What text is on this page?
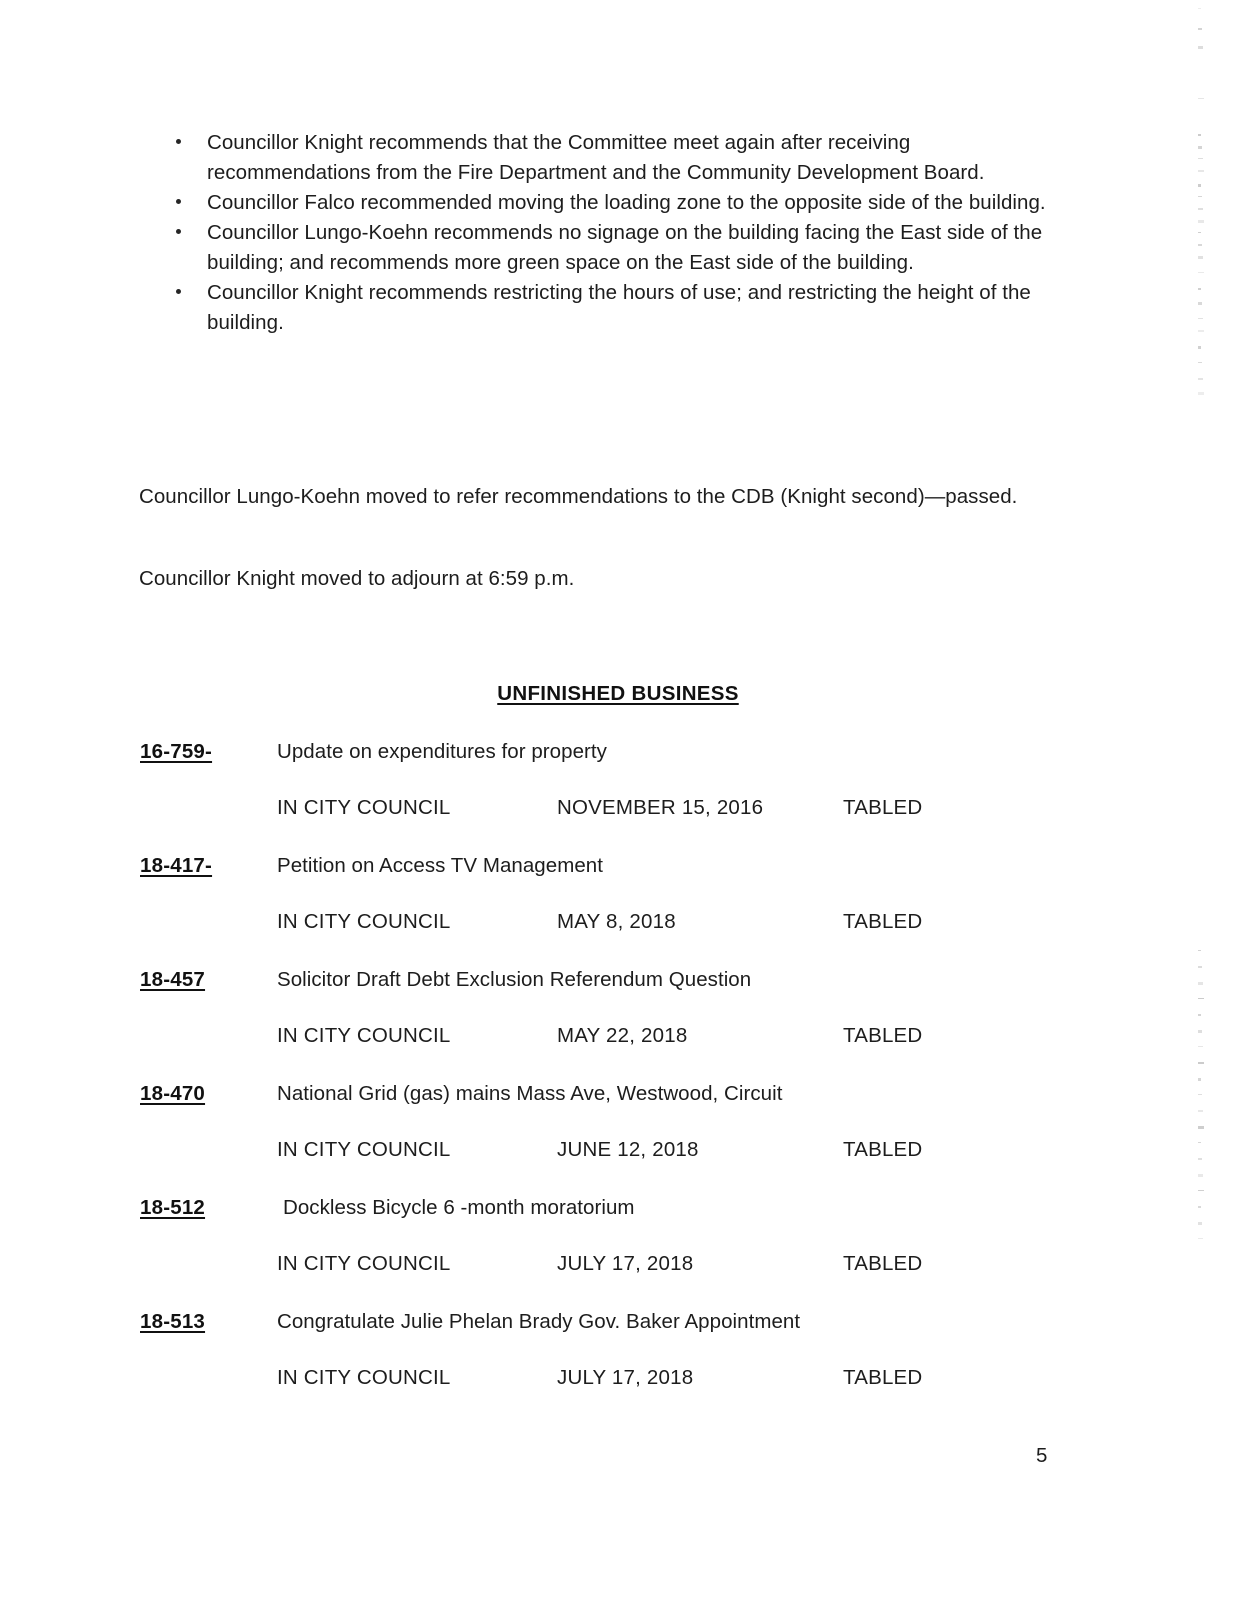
Councillor Knight recommends that the Committee meet again after receiving recommendations from the Fire Department and the Community Development Board.
Councillor Falco recommended moving the loading zone to the opposite side of the building.
Councillor Lungo-Koehn recommends no signage on the building facing the East side of the building; and recommends more green space on the East side of the building.
Councillor Knight recommends restricting the hours of use; and restricting the height of the building.

Councillor Lungo-Koehn moved to refer recommendations to the CDB (Knight second)—passed.

Councillor Knight moved to adjourn at 6:59 p.m.

UNFINISHED BUSINESS
16-759-	Update on expenditures for property
IN CITY COUNCIL	NOVEMBER 15, 2016	TABLED
18-417-	Petition on Access TV Management
IN CITY COUNCIL	MAY 8, 2018	TABLED
18-457	Solicitor Draft Debt Exclusion Referendum Question
IN CITY COUNCIL	MAY 22, 2018	TABLED
18-470	National Grid (gas) mains Mass Ave, Westwood, Circuit
IN CITY COUNCIL	JUNE 12, 2018	TABLED
18-512	Dockless Bicycle 6 -month moratorium
IN CITY COUNCIL	JULY 17, 2018	TABLED
18-513	Congratulate Julie Phelan Brady Gov. Baker Appointment
IN CITY COUNCIL	JULY 17, 2018	TABLED
5
